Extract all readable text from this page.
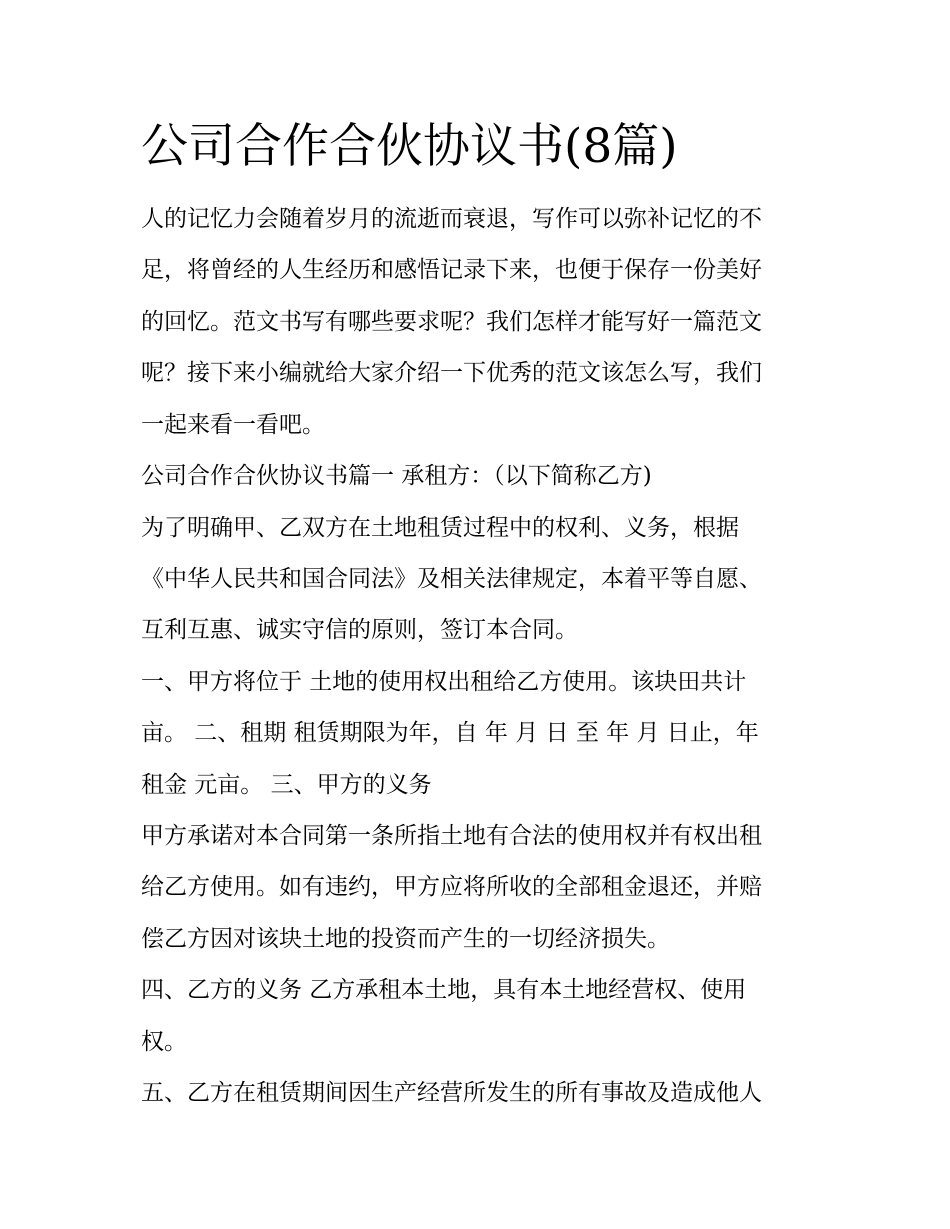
公司合作合伙协议书(8篇)
人的记忆力会随着岁月的流逝而衰退，写作可以弥补记忆的不
足，将曾经的人生经历和感悟记录下来，也便于保存一份美好
的回忆。范文书写有哪些要求呢？我们怎样才能写好一篇范文
呢？接下来小编就给大家介绍一下优秀的范文该怎么写，我们
一起来看一看吧。
公司合作合伙协议书篇一 承租方：（以下简称乙方)
为了明确甲、乙双方在土地租赁过程中的权利、义务，根据
《中华人民共和国合同法》及相关法律规定，本着平等自愿、
互利互惠、诚实守信的原则，签订本合同。
一、甲方将位于 土地的使用权出租给乙方使用。该块田共计
亩。 二、租期 租赁期限为年，自 年 月 日 至 年 月 日止，年
租金 元亩。 三、甲方的义务
甲方承诺对本合同第一条所指土地有合法的使用权并有权出租
给乙方使用。如有违约，甲方应将所收的全部租金退还，并赔
偿乙方因对该块土地的投资而产生的一切经济损失。
四、乙方的义务 乙方承租本土地，具有本土地经营权、使用
权。
五、乙方在租赁期间因生产经营所发生的所有事故及造成他人
